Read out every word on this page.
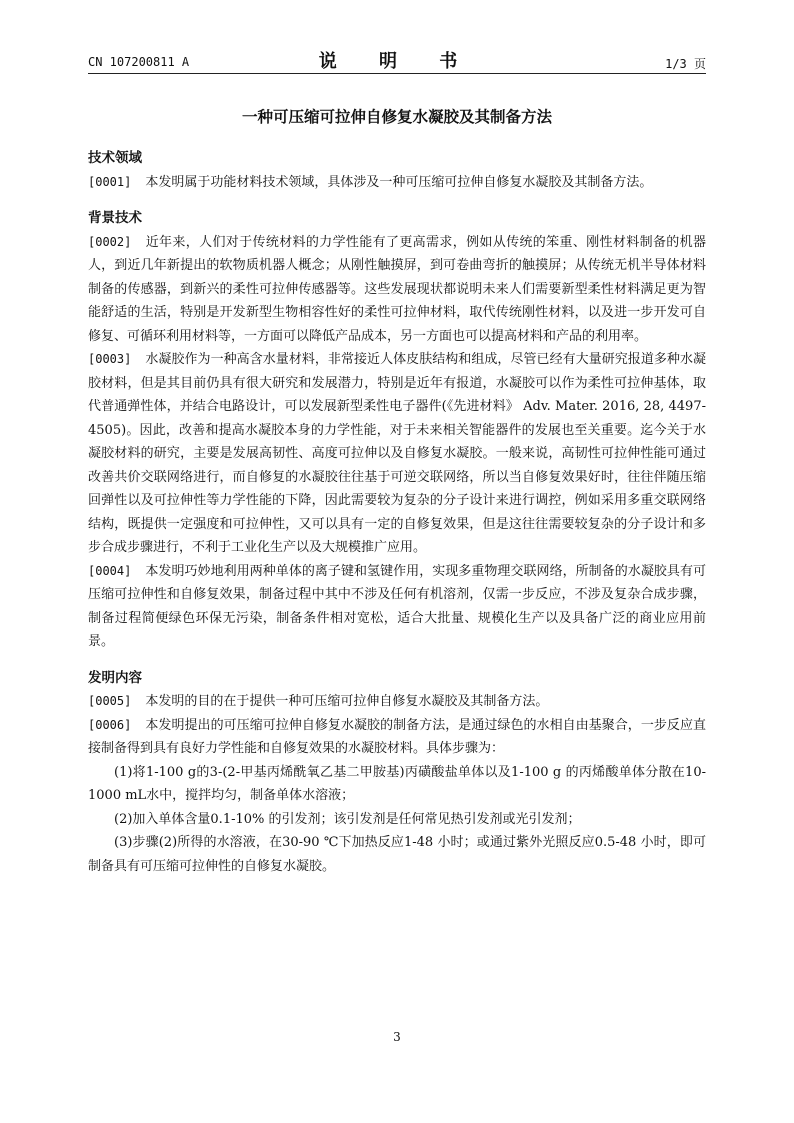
CN 107200811 A	说 明 书	1/3 页
一种可压缩可拉伸自修复水凝胶及其制备方法
技术领域
[0001] 本发明属于功能材料技术领域，具体涉及一种可压缩可拉伸自修复水凝胶及其制备方法。
背景技术
[0002] 近年来，人们对于传统材料的力学性能有了更高需求，例如从传统的笨重、刚性材料制备的机器人，到近几年新提出的软物质机器人概念；从刚性触摸屏，到可卷曲弯折的触摸屏；从传统无机半导体材料制备的传感器，到新兴的柔性可拉伸传感器等。这些发展现状都说明未来人们需要新型柔性材料满足更为智能舒适的生活，特别是开发新型生物相容性好的柔性可拉伸材料，取代传统刚性材料，以及进一步开发可自修复、可循环利用材料等，一方面可以降低产品成本，另一方面也可以提高材料和产品的利用率。
[0003] 水凝胶作为一种高含水量材料，非常接近人体皮肤结构和组成，尽管已经有大量研究报道多种水凝胶材料，但是其目前仍具有很大研究和发展潜力，特别是近年有报道，水凝胶可以作为柔性可拉伸基体，取代普通弹性体，并结合电路设计，可以发展新型柔性电子器件(《先进材料》 Adv. Mater. 2016, 28, 4497-4505)。因此，改善和提高水凝胶本身的力学性能，对于未来相关智能器件的发展也至关重要。迄今关于水凝胶材料的研究，主要是发展高韧性、高度可拉伸以及自修复水凝胶。一般来说，高韧性可拉伸性能可通过改善共价交联网络进行，而自修复的水凝胶往往基于可逆交联网络，所以当自修复效果好时，往往伴随压缩回弹性以及可拉伸性等力学性能的下降，因此需要较为复杂的分子设计来进行调控，例如采用多重交联网络结构，既提供一定强度和可拉伸性，又可以具有一定的自修复效果，但是这往往需要较复杂的分子设计和多步合成步骤进行，不利于工业化生产以及大规模推广应用。
[0004] 本发明巧妙地利用两种单体的离子键和氢键作用，实现多重物理交联网络，所制备的水凝胶具有可压缩可拉伸性和自修复效果，制备过程中其中不涉及任何有机溶剂，仅需一步反应，不涉及复杂合成步骤，制备过程简便绿色环保无污染，制备条件相对宽松，适合大批量、规模化生产以及具备广泛的商业应用前景。
发明内容
[0005] 本发明的目的在于提供一种可压缩可拉伸自修复水凝胶及其制备方法。
[0006] 本发明提出的可压缩可拉伸自修复水凝胶的制备方法，是通过绿色的水相自由基聚合，一步反应直接制备得到具有良好力学性能和自修复效果的水凝胶材料。具体步骤为：
(1)将1-100 g的3-(2-甲基丙烯酰氧乙基二甲胺基)丙磺酸盐单体以及1-100 g 的丙烯酸单体分散在10-1000 mL水中，搅拌均匀，制备单体水溶液；
(2)加入单体含量0.1-10% 的引发剂；该引发剂是任何常见热引发剂或光引发剂；
(3)步骤(2)所得的水溶液，在30-90 ℃下加热反应1-48 小时；或通过紫外光照反应0.5-48 小时，即可制备具有可压缩可拉伸性的自修复水凝胶。
3
